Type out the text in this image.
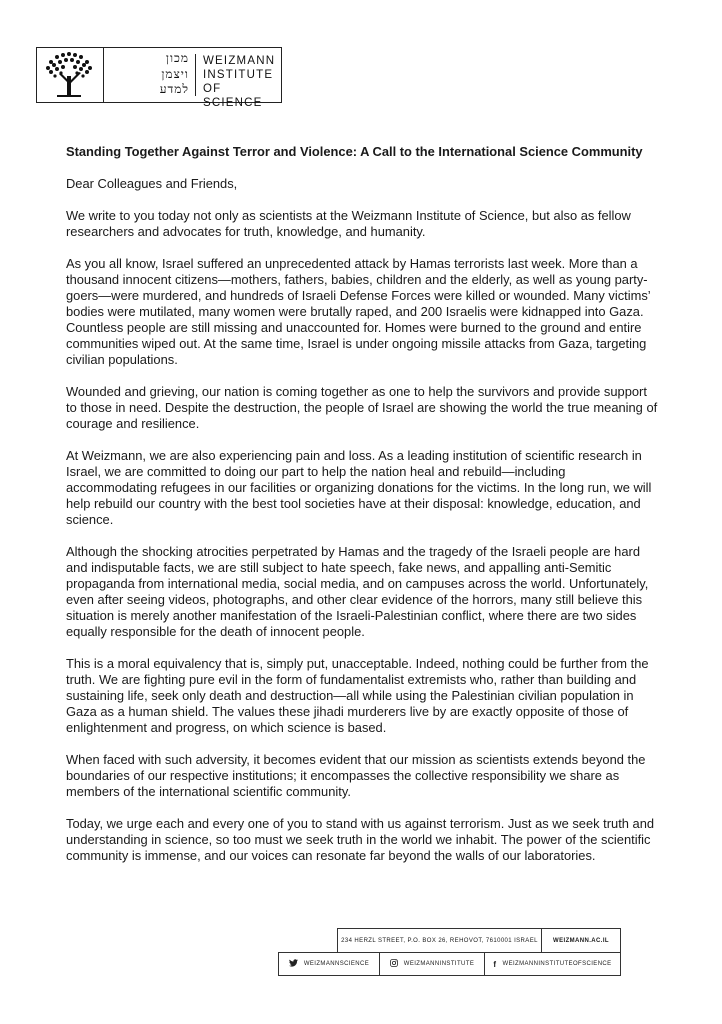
מכון
ויצמן
למדע
WEIZMANN
INSTITUTE
OF SCIENCE
Standing Together Against Terror and Violence: A Call to the International Science Community

Dear Colleagues and Friends,

We write to you today not only as scientists at the Weizmann Institute of Science, but also as fellow researchers and advocates for truth, knowledge, and humanity.

As you all know, Israel suffered an unprecedented attack by Hamas terrorists last week. More than a thousand innocent citizens—mothers, fathers, babies, children and the elderly, as well as young party-goers—were murdered, and hundreds of Israeli Defense Forces were killed or wounded. Many victims’ bodies were mutilated, many women were brutally raped, and 200 Israelis were kidnapped into Gaza. Countless people are still missing and unaccounted for. Homes were burned to the ground and entire communities wiped out. At the same time, Israel is under ongoing missile attacks from Gaza, targeting civilian populations.

Wounded and grieving, our nation is coming together as one to help the survivors and provide support to those in need. Despite the destruction, the people of Israel are showing the world the true meaning of courage and resilience.

At Weizmann, we are also experiencing pain and loss. As a leading institution of scientific research in Israel, we are committed to doing our part to help the nation heal and rebuild—including accommodating refugees in our facilities or organizing donations for the victims. In the long run, we will help rebuild our country with the best tool societies have at their disposal: knowledge, education, and science.

Although the shocking atrocities perpetrated by Hamas and the tragedy of the Israeli people are hard and indisputable facts, we are still subject to hate speech, fake news, and appalling anti-Semitic propaganda from international media, social media, and on campuses across the world. Unfortunately, even after seeing videos, photographs, and other clear evidence of the horrors, many still believe this situation is merely another manifestation of the Israeli-Palestinian conflict, where there are two sides equally responsible for the death of innocent people.

This is a moral equivalency that is, simply put, unacceptable. Indeed, nothing could be further from the truth. We are fighting pure evil in the form of fundamentalist extremists who, rather than building and sustaining life, seek only death and destruction—all while using the Palestinian civilian population in Gaza as a human shield. The values these jihadi murderers live by are exactly opposite of those of enlightenment and progress, on which science is based.

When faced with such adversity, it becomes evident that our mission as scientists extends beyond the boundaries of our respective institutions; it encompasses the collective responsibility we share as members of the international scientific community.

Today, we urge each and every one of you to stand with us against terrorism. Just as we seek truth and understanding in science, so too must we seek truth in the world we inhabit. The power of the scientific community is immense, and our voices can resonate far beyond the walls of our laboratories.

234 HERZL STREET, P.O. BOX 26, REHOVOT, 7610001 ISRAEL	WEIZMANN.AC.IL
WEIZMANNSCIENCE	WEIZMANNINSTITUTE f WEIZMANNINSTITUTEOFSCIENCE
